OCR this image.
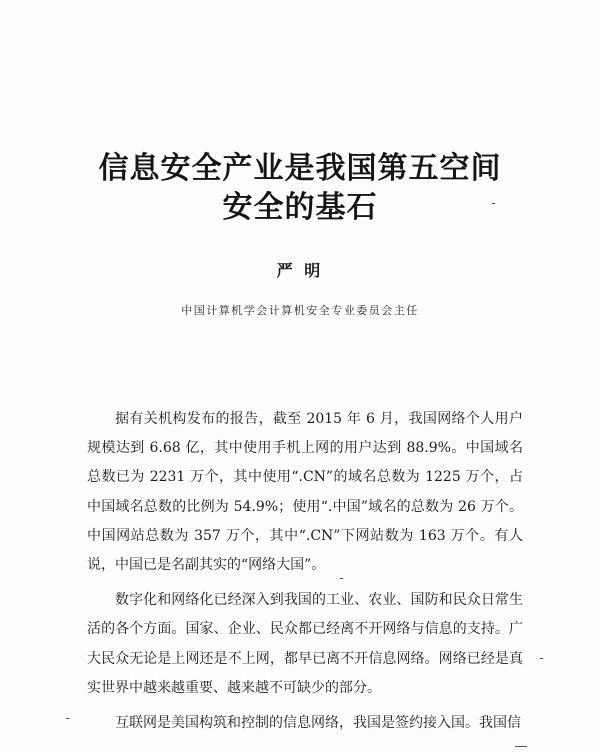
信息安全产业是我国第五空间
安全的基石
严 明
中国计算机学会计算机安全专业委员会主任

据有关机构发布的报告，截至 2015 年 6 月，我国网络个人用户规模达到 6.68 亿，其中使用手机上网的用户达到 88.9%。中国域名总数已为 2231 万个，其中使用“.CN”的域名总数为 1225 万个，占中国域名总数的比例为 54.9%；使用“.中国”域名的总数为 26 万个。中国网站总数为 357 万个，其中“.CN”下网站数为 163 万个。有人说，中国已是名副其实的“网络大国”。

数字化和网络化已经深入到我国的工业、农业、国防和民众日常生活的各个方面。国家、企业、民众都已经离不开网络与信息的支持。广大民众无论是上网还是不上网，都早已离不开信息网络。网络已经是真实世界中越来越重要、越来越不可缺少的部分。

互联网是美国构筑和控制的信息网络，我国是签约接入国。我国信
